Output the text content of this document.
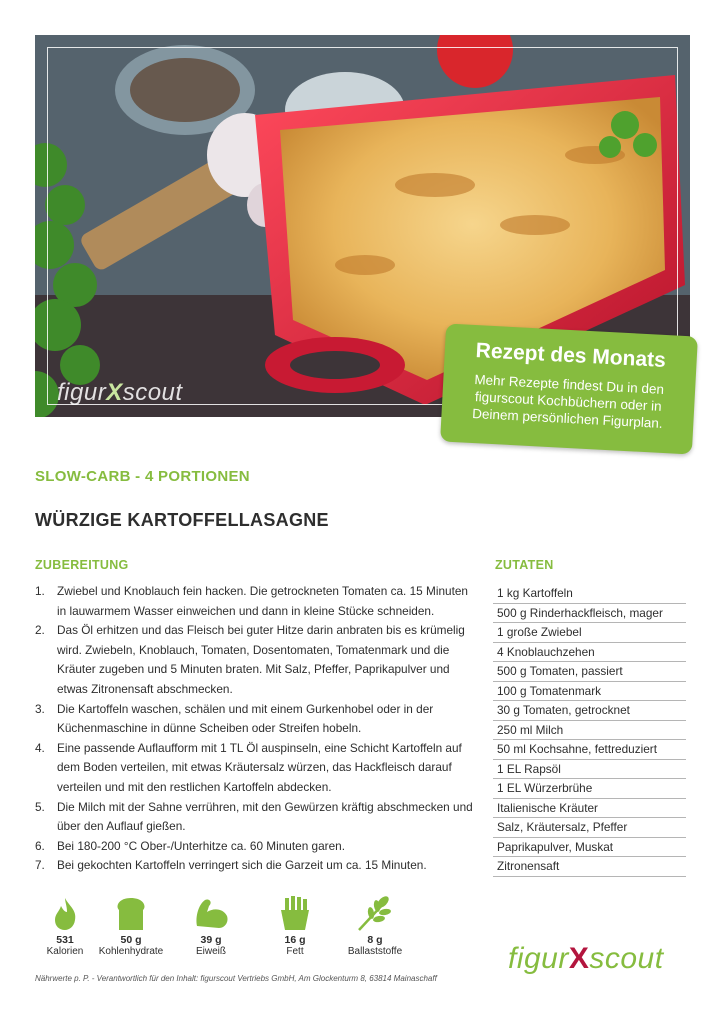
figurXscout
Rezept des Monats
Mehr Rezepte findest Du in den figurscout Kochbüchern oder in Deinem persönlichen Figurplan.
SLOW-CARB - 4 PORTIONEN
WÜRZIGE KARTOFFELLASAGNE
ZUBEREITUNG	ZUTATEN
1. Zwiebel und Knoblauch fein hacken. Die getrockneten Tomaten ca. 15 Minuten in lauwarmem Wasser einweichen und dann in kleine Stücke schneiden.
2. Das Öl erhitzen und das Fleisch bei guter Hitze darin anbraten bis es krümelig wird. Zwiebeln, Knoblauch, Tomaten, Dosentomaten, Tomatenmark und die Kräuter zugeben und 5 Minuten braten. Mit Salz, Pfeffer, Paprikapulver und etwas Zitronensaft abschmecken.
3. Die Kartoffeln waschen, schälen und mit einem Gurkenhobel oder in der Küchenmaschine in dünne Scheiben oder Streifen hobeln.
4. Eine passende Auflaufform mit 1 TL Öl auspinseln, eine Schicht Kartoffeln auf dem Boden verteilen, mit etwas Kräutersalz würzen, das Hackfleisch darauf verteilen und mit den restlichen Kartoffeln abdecken.
5. Die Milch mit der Sahne verrühren, mit den Gewürzen kräftig abschmecken und über den Auflauf gießen.
6. Bei 180-200 °C Ober-/Unterhitze ca. 60 Minuten garen.
7. Bei gekochten Kartoffeln verringert sich die Garzeit um ca. 15 Minuten.
1 kg Kartoffeln
500 g Rinderhackfleisch, mager
1 große Zwiebel
4 Knoblauchzehen
500 g Tomaten, passiert
100 g Tomatenmark
30 g Tomaten, getrocknet
250 ml Milch
50 ml Kochsahne, fettreduziert
1 EL Rapsöl
1 EL Würzerbrühe
Italienische Kräuter
Salz, Kräutersalz, Pfeffer
Paprikapulver, Muskat
Zitronensaft
531
Kalorien
50 g
Kohlenhydrate
39 g
Eiweiß
16 g
Fett
8 g
Ballaststoffe
Nährwerte p. P. - Verantwortlich für den Inhalt: figurscout Vertriebs GmbH, Am Glockenturm 8, 63814 Mainaschaff
figurXscout
